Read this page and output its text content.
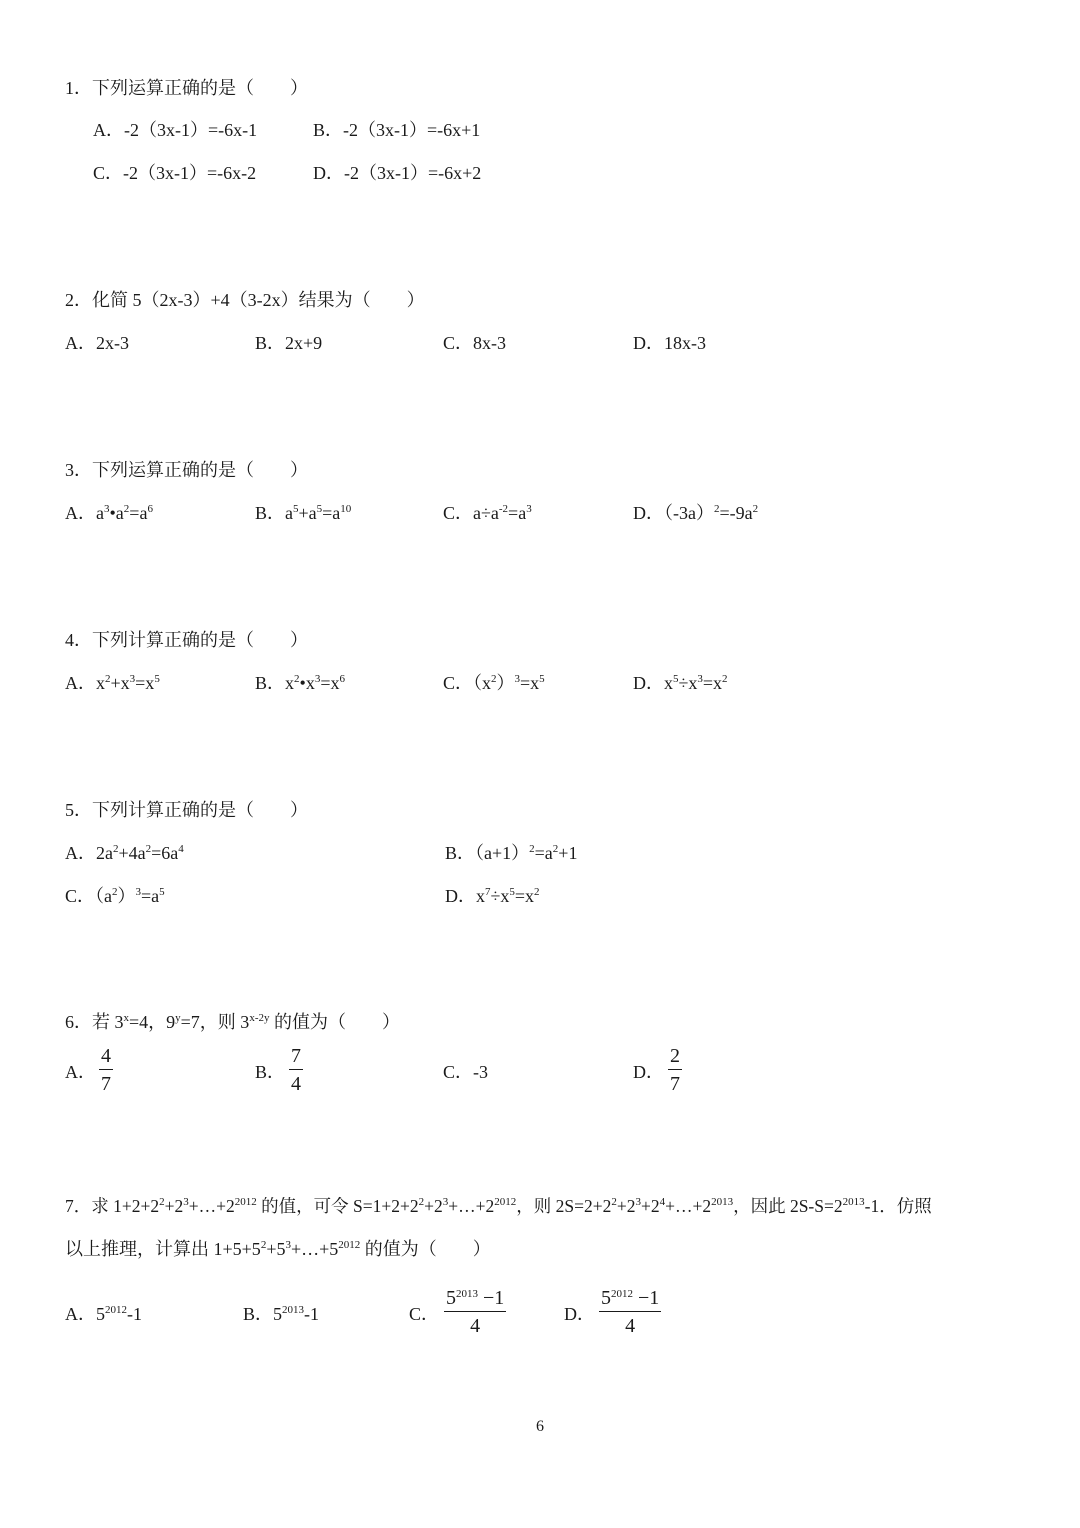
1．下列运算正确的是（　　）
A．-2（3x-1）=-6x-1	B．-2（3x-1）=-6x+1
C．-2（3x-1）=-6x-2	D．-2（3x-1）=-6x+2
2．化简 5（2x-3）+4（3-2x）结果为（　　）
A．2x-3	B．2x+9	C．8x-3	D．18x-3
3．下列运算正确的是（　　）
A．$a^3•a^2=a^6$	B．$a^5+a^5=a^{10}$	C．$a\div a^{-2}=a^3$	D．$(-3a)^2=-9a^2$
4．下列计算正确的是（　　）
A．$x^2+x^3=x^5$	B．$x^2•x^3=x^6$	C．$(x^2)^3=x^5$	D．$x^5\div x^3=x^2$
5．下列计算正确的是（　　）
A．$2a^2+4a^2=6a^4$	B．$(a+1)^2=a^2+1$
C．$(a^2)^3=a^5$	D．$x^7\div x^5=x^2$
6．若 $3^x=4$，$9^y=7$，则 $3^{x-2y}$ 的值为（　　）
A．
4
7
B．
7
4
C．-3	D．
2
7
7．求 $1+2+2^2+2^3+\dots+2^{2012}$ 的值，可令 $S=1+2+2^2+2^3+\dots+2^{2012}$，则 $2S=2+2^2+2^3+2^4+\dots+2^{2013}$，因此 $2S-S=2^{2013}-1$．仿照
以上推理，计算出 $1+5+5^2+5^3+\dots+5^{2012}$ 的值为（　　）
A．$5^{2012}-1$	B．$5^{2013}-1$	C．
$5^{2013} -1$
4
D．
$5^{2012} -1$
4
6
